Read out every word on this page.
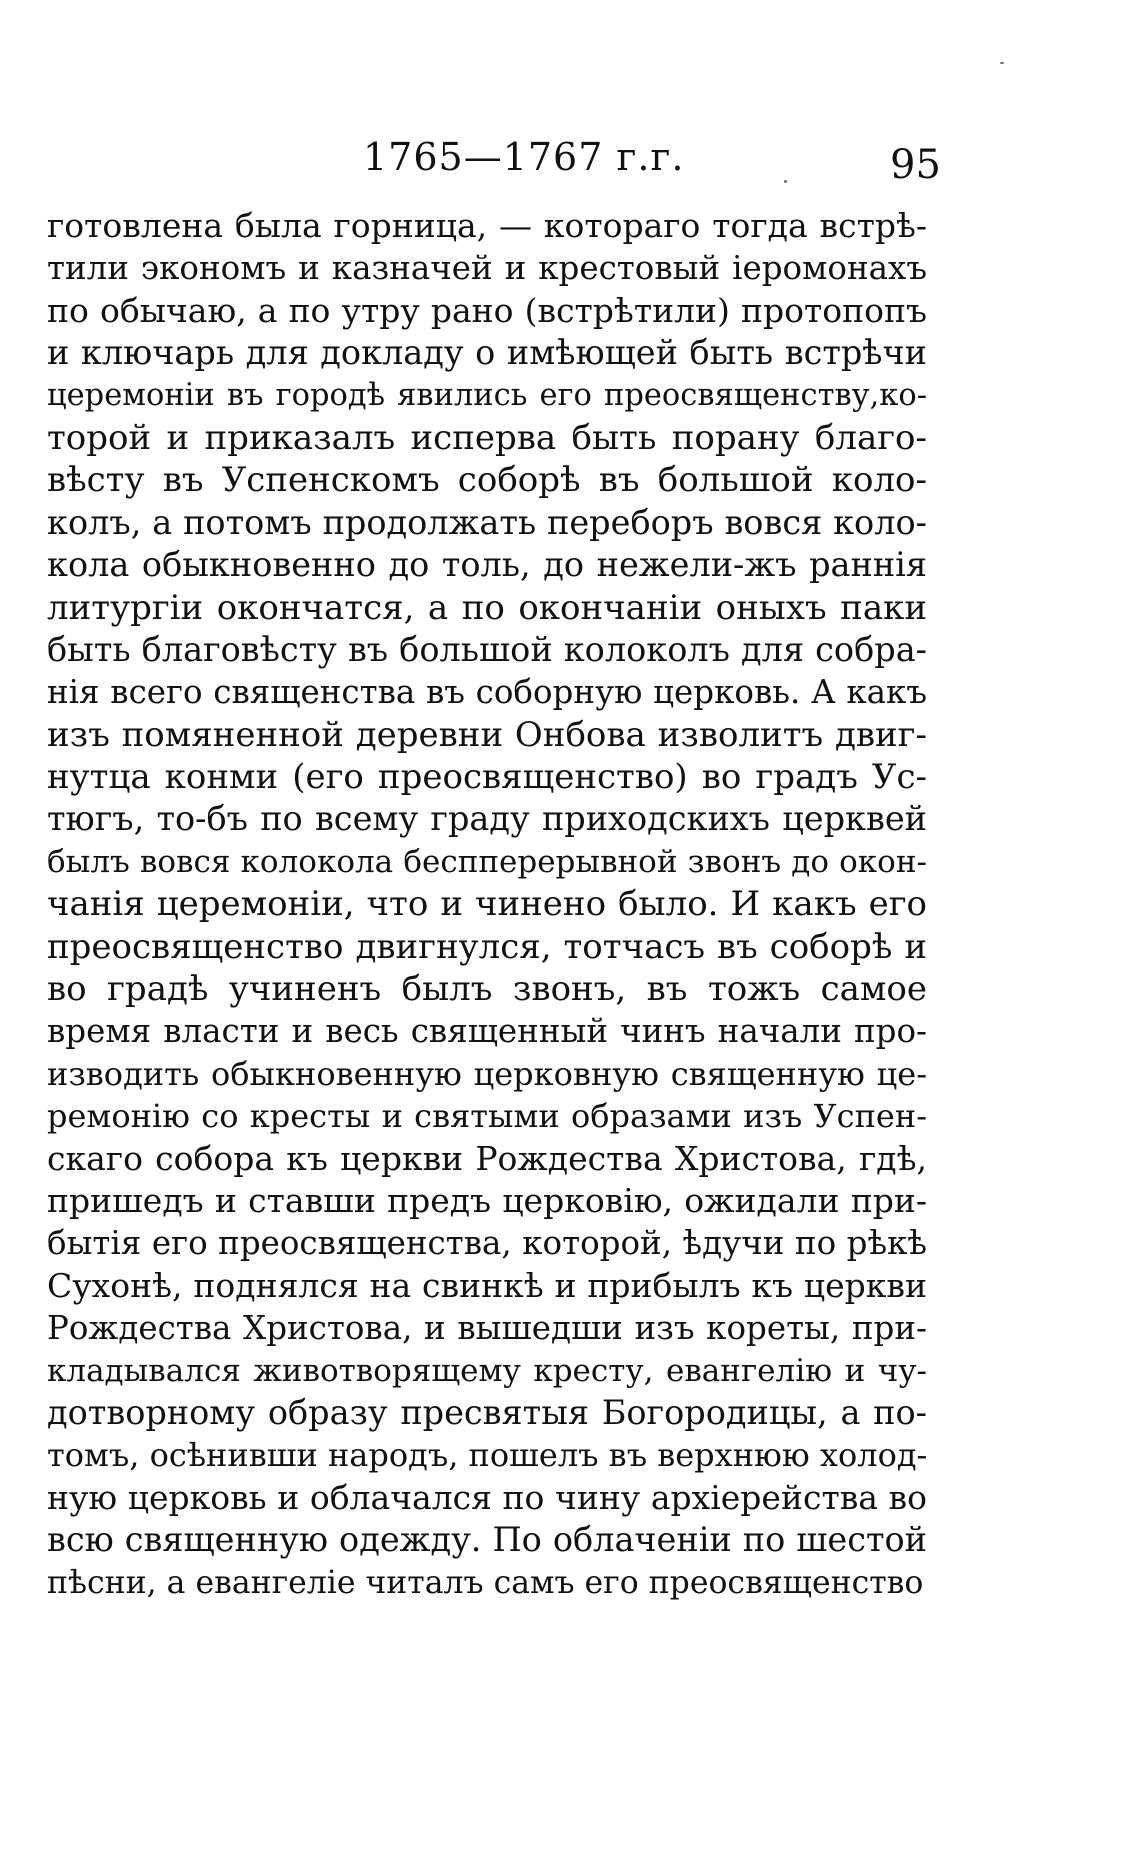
1765—1767 г.г.	95
готовлена была горница, — котораго тогда встрѣ-
тили экономъ и казначей и крестовый іеромонахъ
по обычаю, а по утру рано (встрѣтили) протопопъ
и ключарь для докладу о имѣющей быть встрѣчи
церемоніи въ городѣ явились его преосвященству,ко-
торой и приказалъ исперва быть порану благо-
вѣсту въ Успенскомъ соборѣ въ большой коло-
колъ, а потомъ продолжать переборъ вовся коло-
кола обыкновенно до толь, до нежели-жъ раннія
литургіи окончатся, а по окончаніи оныхъ паки
быть благовѣсту въ большой колоколъ для собра-
нія всего священства въ соборную церковь. А какъ
изъ помяненной деревни Онбова изволитъ двиг-
нутца конми (его преосвященство) во градъ Ус-
тюгъ, то-бъ по всему граду приходскихъ церквей
былъ вовся колокола беспперерывной звонъ до окон-
чанія церемоніи, что и чинено было. И какъ его
преосвященство двигнулся, тотчасъ въ соборѣ и
во градѣ учиненъ былъ звонъ, въ тожъ самое
время власти и весь священный чинъ начали про-
изводить обыкновенную церковную священную це-
ремонію со кресты и святыми образами изъ Успен-
скаго собора къ церкви Рождества Христова, гдѣ,
пришедъ и ставши предъ церковію, ожидали при-
бытія его преосвященства, которой, ѣдучи по рѣкѣ
Сухонѣ, поднялся на свинкѣ и прибылъ къ церкви
Рождества Христова, и вышедши изъ кореты, при-
кладывался животворящему кресту, евангелію и чу-
дотворному образу пресвятыя Богородицы, а по-
томъ, осѣнивши народъ, пошелъ въ верхнюю холод-
ную церковь и облачался по чину архіерейства во
всю священную одежду. По облаченіи по шестой
пѣсни, а евангеліе читалъ самъ его преосвященство
